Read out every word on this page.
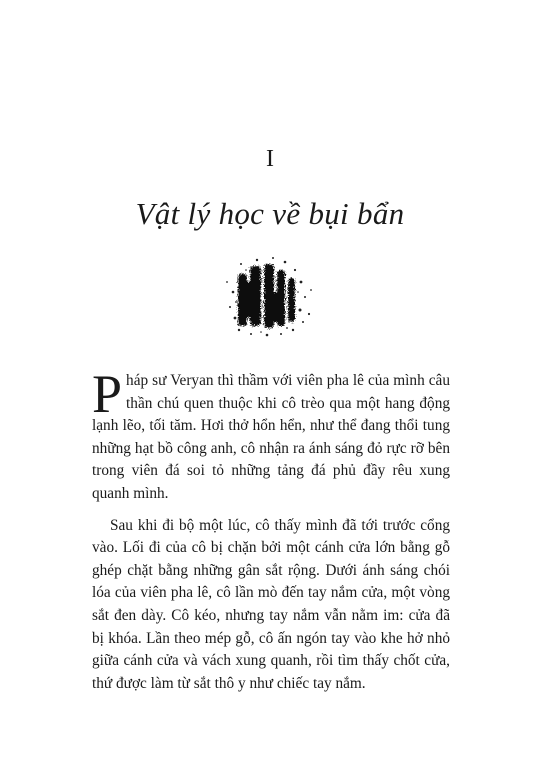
I
Vật lý học về bụi bẩn

Pháp sư Veryan thì thầm với viên pha lê của mình câu thần chú quen thuộc khi cô trèo qua một hang động lạnh lẽo, tối tăm. Hơi thở hổn hển, như thể đang thổi tung những hạt bồ công anh, cô nhận ra ánh sáng đỏ rực rỡ bên trong viên đá soi tỏ những tảng đá phủ đầy rêu xung quanh mình.

Sau khi đi bộ một lúc, cô thấy mình đã tới trước cổng vào. Lối đi của cô bị chặn bởi một cánh cửa lớn bằng gỗ ghép chặt bằng những gân sắt rộng. Dưới ánh sáng chói lóa của viên pha lê, cô lần mò đến tay nắm cửa, một vòng sắt đen dày. Cô kéo, nhưng tay nắm vẫn nằm im: cửa đã bị khóa. Lần theo mép gỗ, cô ấn ngón tay vào khe hở nhỏ giữa cánh cửa và vách xung quanh, rồi tìm thấy chốt cửa, thứ được làm từ sắt thô y như chiếc tay nắm.
